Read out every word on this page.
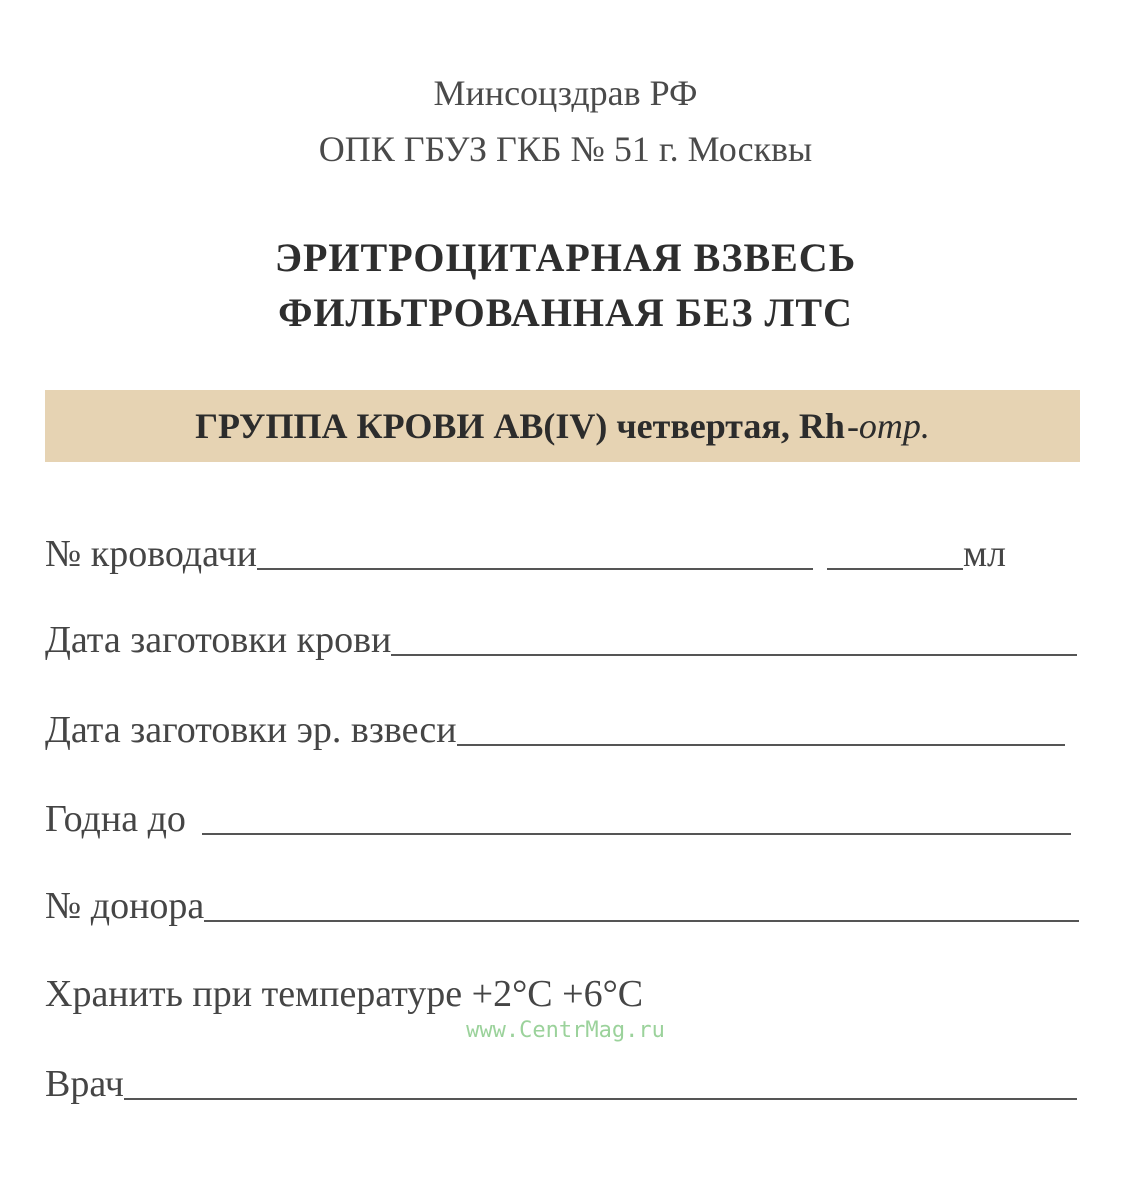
Минсоцздрав РФ
ОПК ГБУЗ ГКБ № 51 г. Москвы
ЭРИТРОЦИТАРНАЯ ВЗВЕСЬ
ФИЛЬТРОВАННАЯ БЕЗ ЛТС
ГРУППА КРОВИ АВ(IV) четвертая, Rh -отр.
№ кроводачи	мл
Дата заготовки крови
Дата заготовки эр. взвеси
Годна до
№ донора
Хранить при температуре +2°C +6°C
www.CentrMag.ru
Врач
